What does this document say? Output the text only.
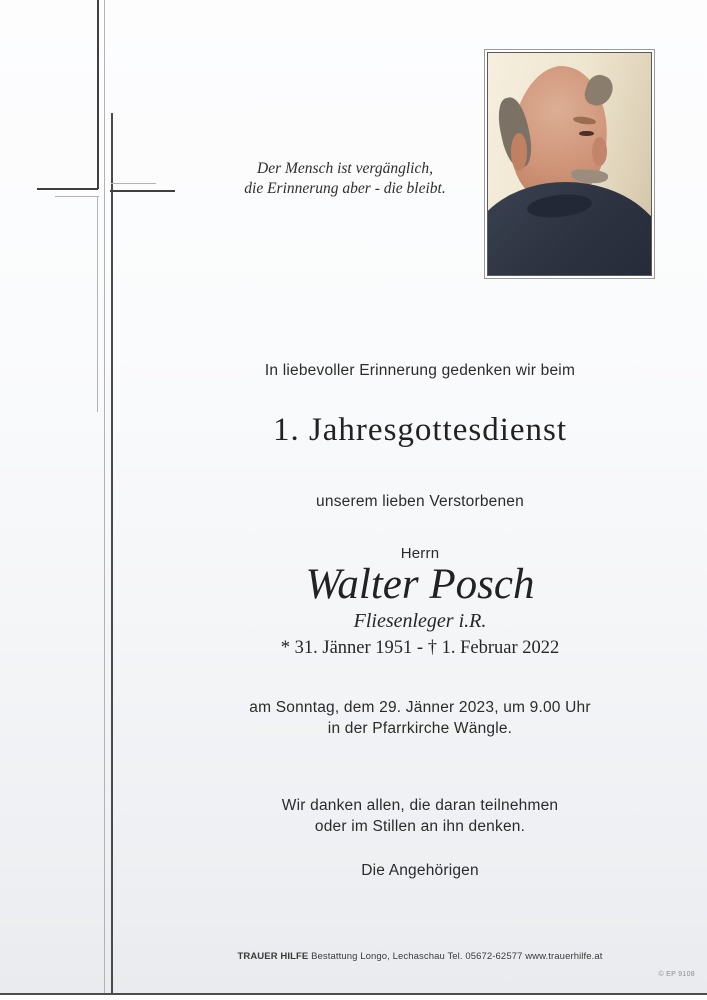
Der Mensch ist vergänglich,
die Erinnerung aber - die bleibt.
In liebevoller Erinnerung gedenken wir beim
1. Jahresgottesdienst
unserem lieben Verstorbenen
Herrn
Walter Posch
Fliesenleger i.R.
* 31. Jänner 1951 - † 1. Februar 2022
am Sonntag, dem 29. Jänner 2023, um 9.00 Uhr
in der Pfarrkirche Wängle.
Wir danken allen, die daran teilnehmen
oder im Stillen an ihn denken.
Die Angehörigen
TRAUER HILFE Bestattung Longo, Lechaschau Tel. 05672-62577 www.trauerhilfe.at
© EP 9108
